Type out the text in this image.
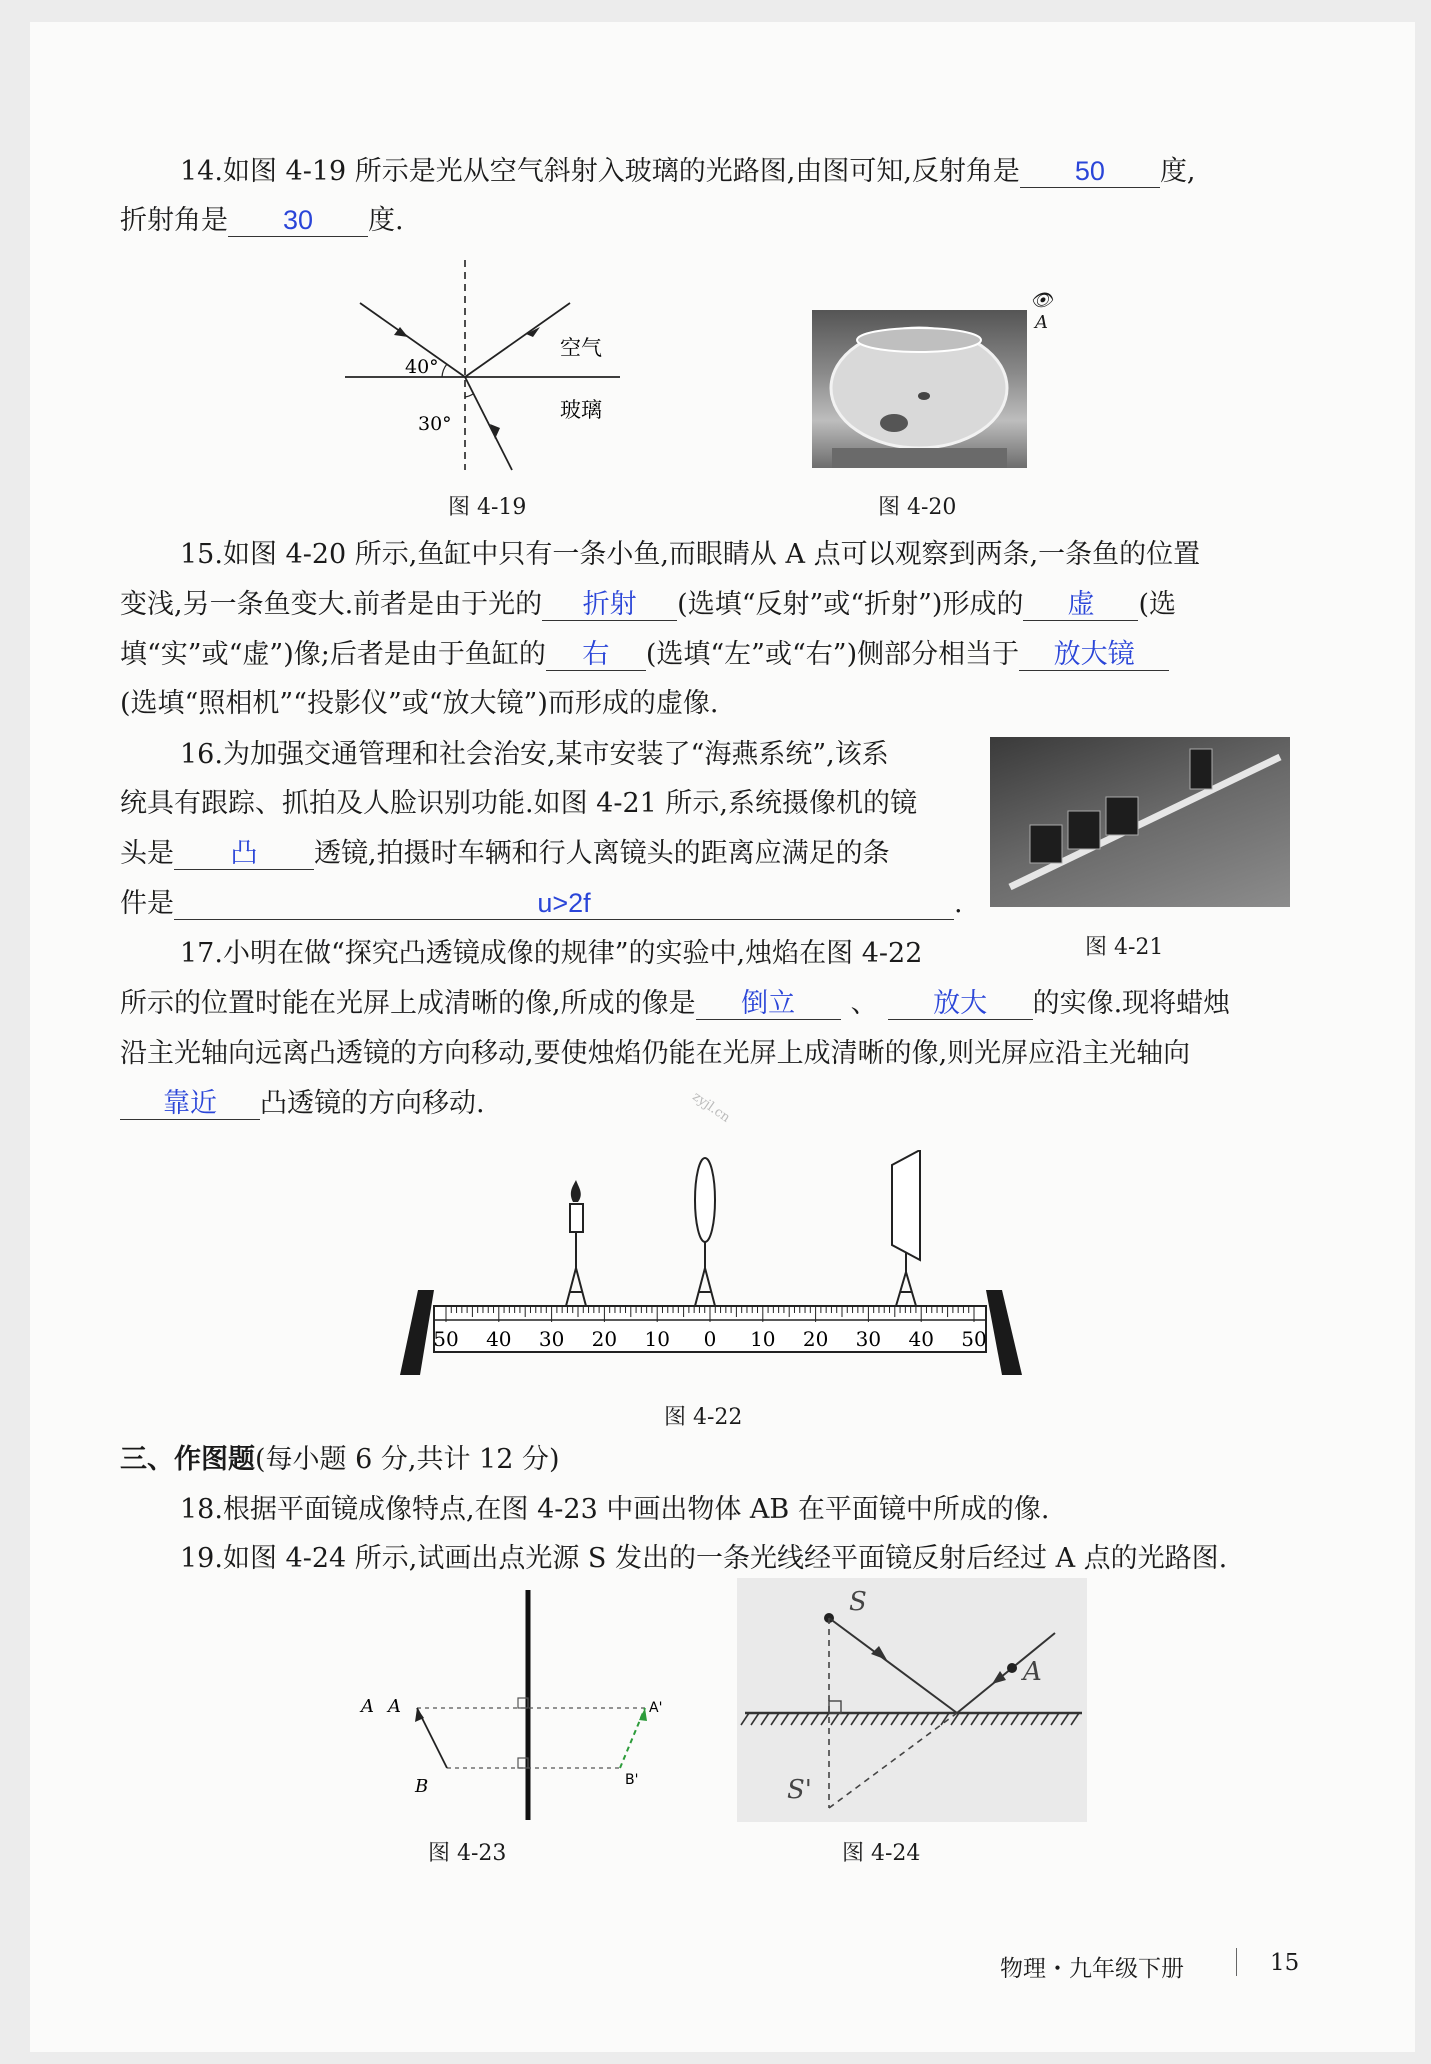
14.如图 4-19 所示是光从空气斜射入玻璃的光路图,由图可知,反射角是 50 度,
折射角是 30 度.
40°
30°
空气
玻璃
图 4-19
👁
A
图 4-20
15.如图 4-20 所示,鱼缸中只有一条小鱼,而眼睛从 A 点可以观察到两条,一条鱼的位置
变浅,另一条鱼变大.前者是由于光的 折射 (选填“反射”或“折射”)形成的 虚 (选
填“实”或“虚”)像;后者是由于鱼缸的 右 (选填“左”或“右”)侧部分相当于 放大镜
(选填“照相机”“投影仪”或“放大镜”)而形成的虚像.
16.为加强交通管理和社会治安,某市安装了“海燕系统”,该系
统具有跟踪、抓拍及人脸识别功能.如图 4-21 所示,系统摄像机的镜
头是 凸 透镜,拍摄时车辆和行人离镜头的距离应满足的条
件是	u>2f	.
图 4-21
17.小明在做“探究凸透镜成像的规律”的实验中,烛焰在图 4-22
所示的位置时能在光屏上成清晰的像,所成的像是 倒立 、 放大 的实像.现将蜡烛
沿主光轴向远离凸透镜的方向移动,要使烛焰仍能在光屏上成清晰的像,则光屏应沿主光轴向
靠近 凸透镜的方向移动.	zyjl.cn
50 40 30 20 10 0 10 20 30 40 50
图 4-22
三、作图题(每小题 6 分,共计 12 分)
18.根据平面镜成像特点,在图 4-23 中画出物体 AB 在平面镜中所成的像.
19.如图 4-24 所示,试画出点光源 S 发出的一条光线经平面镜反射后经过 A 点的光路图.
A A
B
A'
B'
图 4-23
S
A
S'
图 4-24
物理・九年级下册	15
